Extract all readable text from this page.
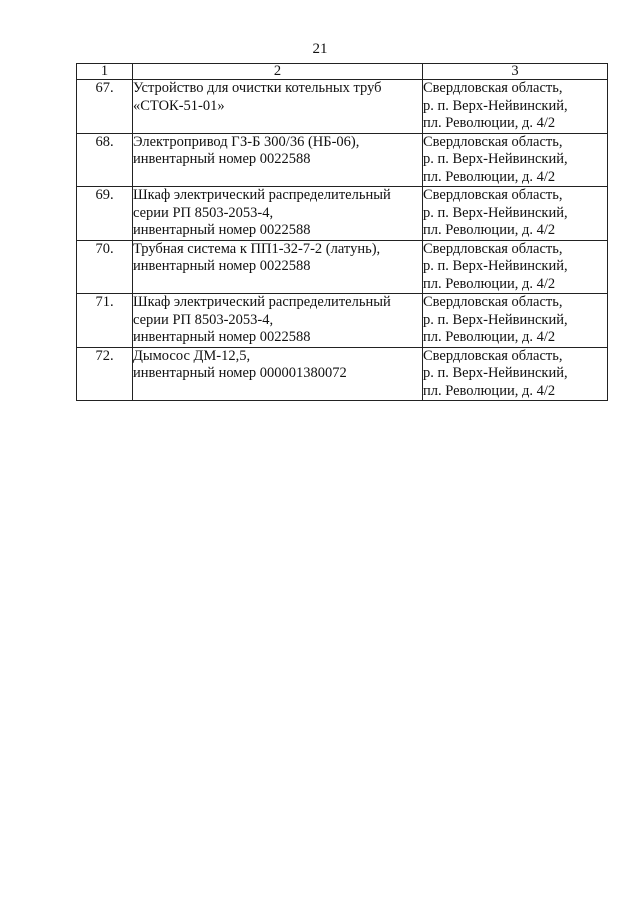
21
1	2	3
67.	Устройство для очистки котельных труб
«СТОК-51-01»	Свердловская область,
р. п. Верх-Нейвинский,
пл. Революции, д. 4/2

68.	Электропривод ГЗ-Б 300/36 (НБ-06),
инвентарный номер 0022588	Свердловская область,
р. п. Верх-Нейвинский,
пл. Революции, д. 4/2

69.	Шкаф электрический распределительный
серии РП 8503-2053-4,
инвентарный номер 0022588	Свердловская область,
р. п. Верх-Нейвинский,
пл. Революции, д. 4/2

70.	Трубная система к ПП1-32-7-2 (латунь),
инвентарный номер 0022588	Свердловская область,
р. п. Верх-Нейвинский,
пл. Революции, д. 4/2

71.	Шкаф электрический распределительный
серии РП 8503-2053-4,
инвентарный номер 0022588	Свердловская область,
р. п. Верх-Нейвинский,
пл. Революции, д. 4/2

72.	Дымосос ДМ-12,5,
инвентарный номер 000001380072	Свердловская область,
р. п. Верх-Нейвинский,
пл. Революции, д. 4/2
